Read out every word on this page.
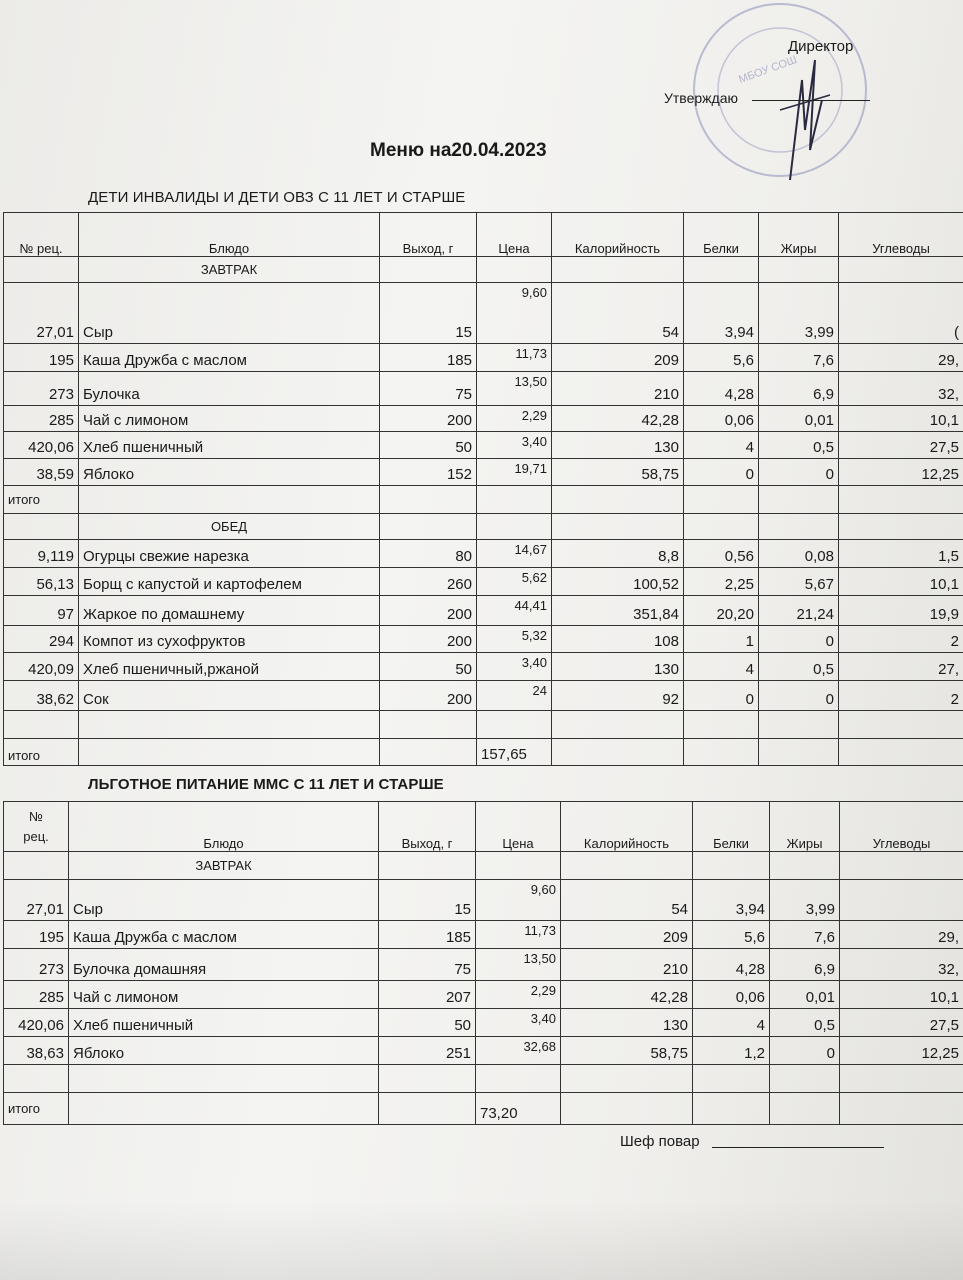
МБОУ СОШ
Директор
Утверждаю
Меню на20.04.2023
ДЕТИ ИНВАЛИДЫ И ДЕТИ ОВЗ С 11 ЛЕТ И СТАРШЕ
№ рец.	Блюдо	Выход, г	Цена	Калорийность	Белки	Жиры	Углеводы
	ЗАВТРАК						
27,01	Сыр	15	9,60	54	3,94	3,99	(
195	Каша Дружба с маслом	185	11,73	209	5,6	7,6	29,
273	Булочка	75	13,50	210	4,28	6,9	32,
285	Чай с лимоном	200	2,29	42,28	0,06	0,01	10,1
420,06	Хлеб пшеничный	50	3,40	130	4	0,5	27,5
38,59	Яблоко	152	19,71	58,75	0	0	12,25
итого							
	ОБЕД						
9,119	Огурцы свежие нарезка	80	14,67	8,8	0,56	0,08	1,5
56,13	Борщ с капустой и картофелем	260	5,62	100,52	2,25	5,67	10,1
97	Жаркое по домашнему	200	44,41	351,84	20,20	21,24	19,9
294	Компот из сухофруктов	200	5,32	108	1	0	2
420,09	Хлеб пшеничный,ржаной	50	3,40	130	4	0,5	27,
38,62	Сок	200	24	92	0	0	2

итого			157,65				
ЛЬГОТНОЕ ПИТАНИЕ ММС С 11 ЛЕТ И СТАРШЕ
№
рец.	Блюдо	Выход, г	Цена	Калорийность	Белки	Жиры	Углеводы
	ЗАВТРАК						
27,01	Сыр	15	9,60	54	3,94	3,99	
195	Каша Дружба с маслом	185	11,73	209	5,6	7,6	29,
273	Булочка домашняя	75	13,50	210	4,28	6,9	32,
285	Чай с лимоном	207	2,29	42,28	0,06	0,01	10,1
420,06	Хлеб пшеничный	50	3,40	130	4	0,5	27,5
38,63	Яблоко	251	32,68	58,75	1,2	0	12,25

итого			73,20				
Шеф повар
